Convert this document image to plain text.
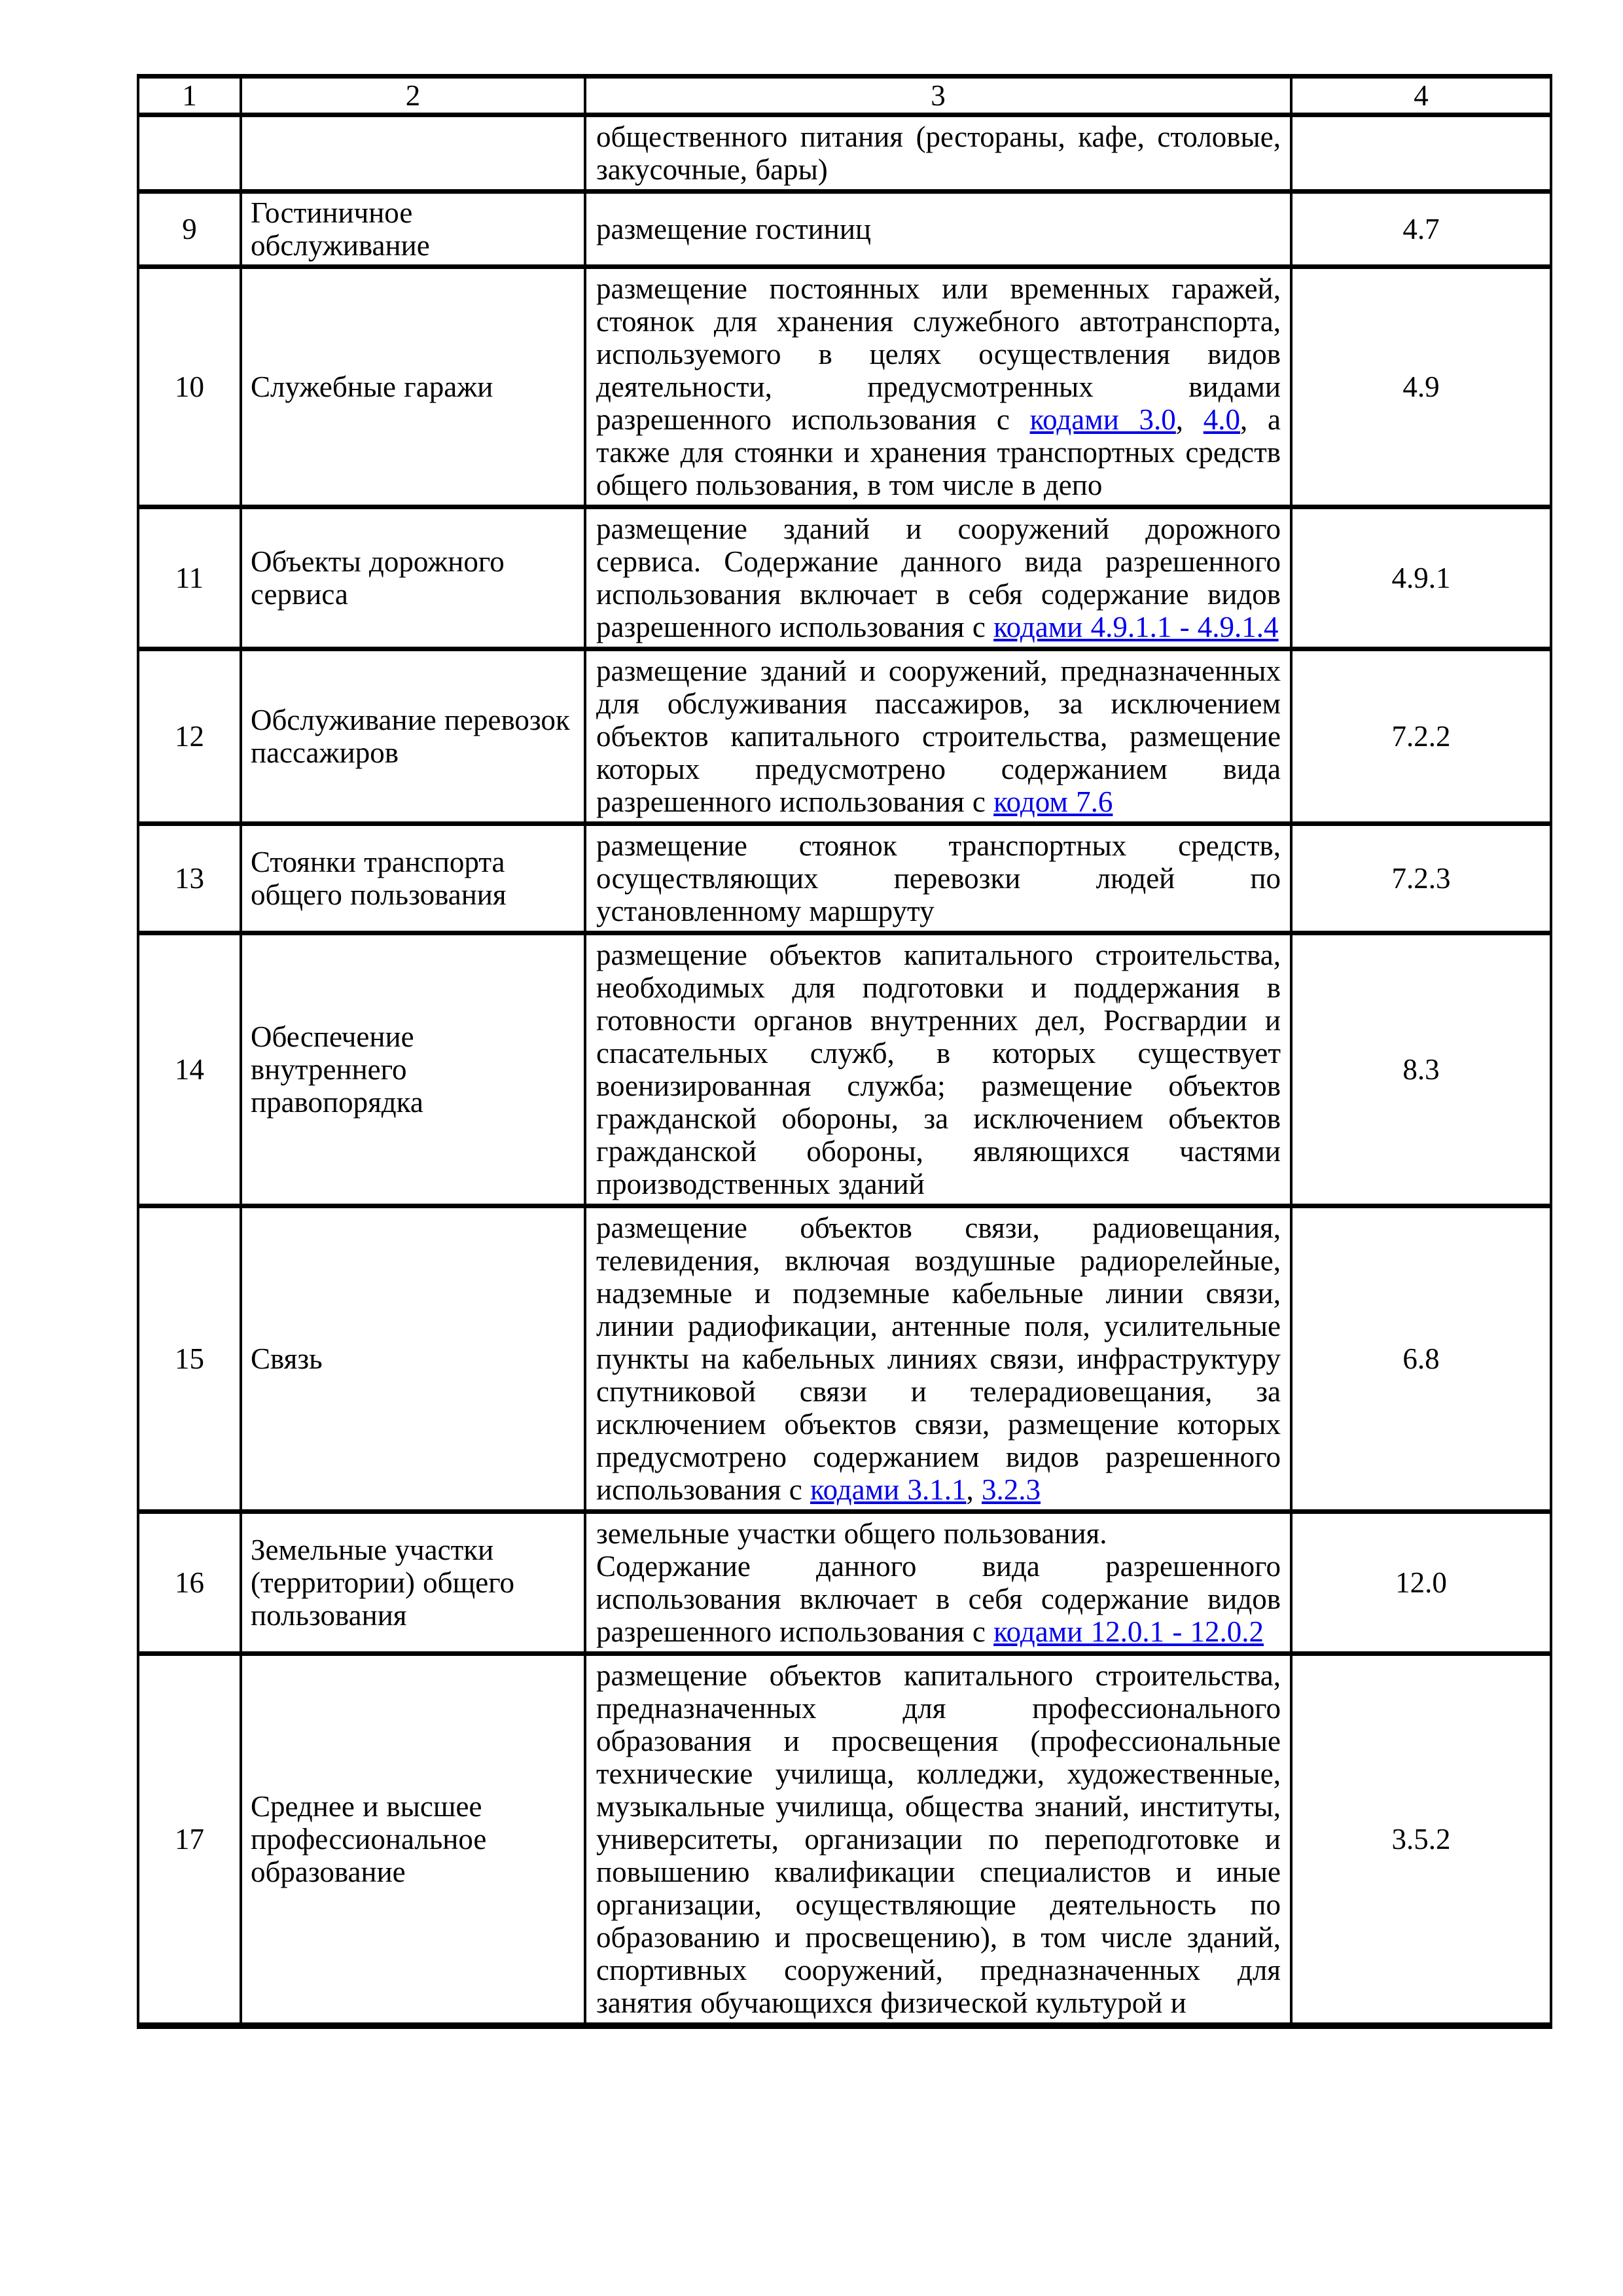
1	2	3	4

		общественного питания (рестораны, кафе, столовые, закусочные, бары)	

9	Гостиничное обслуживание	размещение гостиниц	4.7
10	Служебные гаражи	размещение постоянных или временных гаражей, стоянок для хранения служебного автотранспорта, используемого в целях осуществления видов деятельности, предусмотренных видами разрешенного использования с кодами 3.0, 4.0, а также для стоянки и хранения транспортных средств общего пользования, в том числе в депо	4.9
11	Объекты дорожного сервиса	размещение зданий и сооружений дорожного сервиса. Содержание данного вида разрешенного использования включает в себя содержание видов разрешенного использования с кодами 4.9.1.1 - 4.9.1.4	4.9.1
12	Обслуживание перевозок пассажиров	размещение зданий и сооружений, предназначенных для обслуживания пассажиров, за исключением объектов капитального строительства, размещение которых предусмотрено содержанием вида разрешенного использования с кодом 7.6	7.2.2
13	Стоянки транспорта общего пользования	размещение стоянок транспортных средств, осуществляющих перевозки людей по установленному маршруту	7.2.3
14	Обеспечение внутреннего правопорядка	размещение объектов капитального строительства, необходимых для подготовки и поддержания в готовности органов внутренних дел, Росгвардии и спасательных служб, в которых существует военизированная служба; размещение объектов гражданской обороны, за исключением объектов гражданской обороны, являющихся частями производственных зданий	8.3
15	Связь	размещение объектов связи, радиовещания, телевидения, включая воздушные радиорелейные, надземные и подземные кабельные линии связи, линии радиофикации, антенные поля, усилительные пункты на кабельных линиях связи, инфраструктуру спутниковой связи и телерадиовещания, за исключением объектов связи, размещение которых предусмотрено содержанием видов разрешенного использования с кодами 3.1.1, 3.2.3	6.8
16	Земельные участки (территории) общего пользования	земельные участки общего пользования.

Содержание данного вида разрешенного использования включает в себя содержание видов разрешенного использования с кодами 12.0.1 - 12.0.2	12.0
17	Среднее и высшее профессиональное образование	размещение объектов капитального строительства, предназначенных для профессионального образования и просвещения (профессиональные технические училища, колледжи, художественные, музыкальные училища, общества знаний, институты, университеты, организации по переподготовке и повышению квалификации специалистов и иные организации, осуществляющие деятельность по образованию и просвещению), в том числе зданий, спортивных сооружений, предназначенных для занятия обучающихся физической культурой и	3.5.2
